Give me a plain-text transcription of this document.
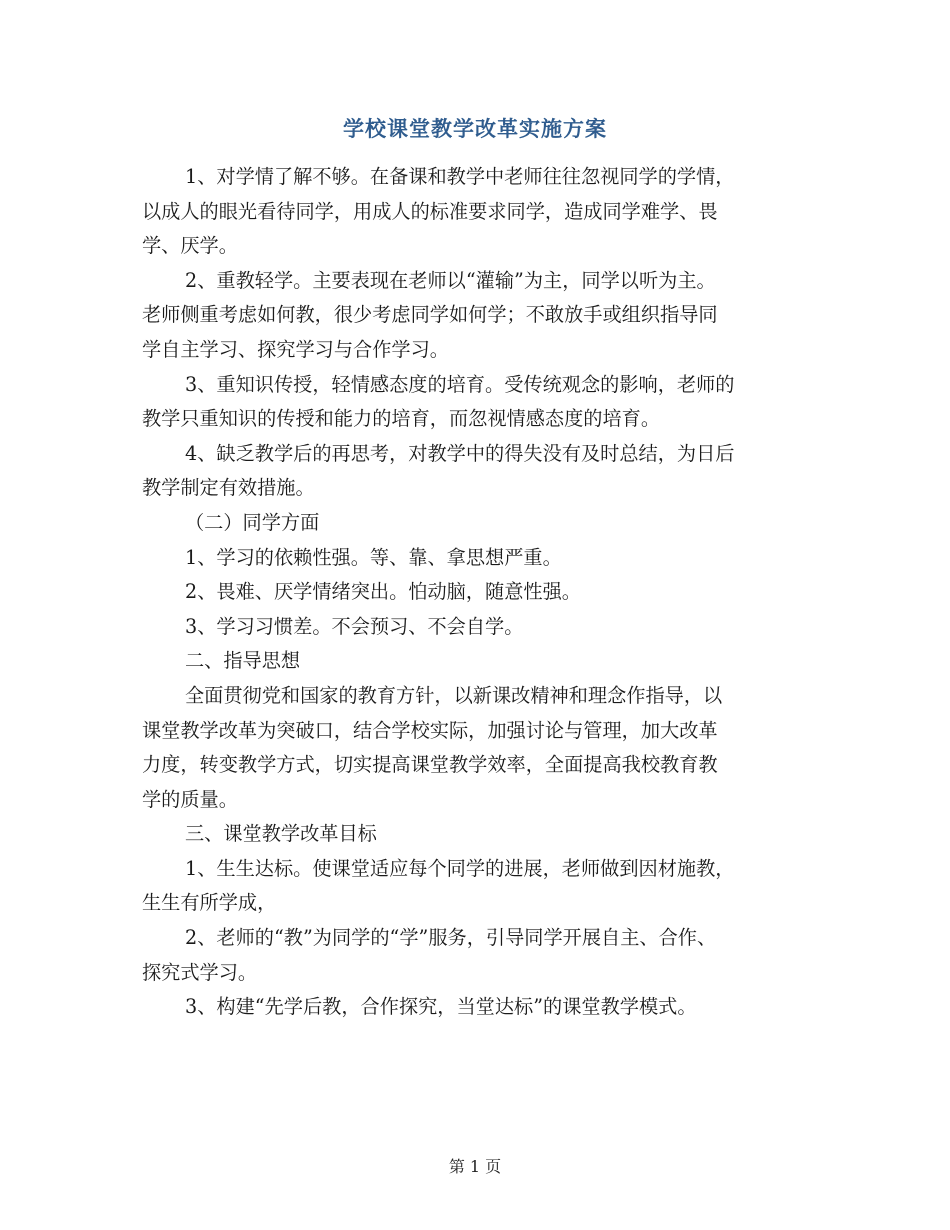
学校课堂教学改革实施方案

1、对学情了解不够。在备课和教学中老师往往忽视同学的学情，

以成人的眼光看待同学，用成人的标准要求同学，造成同学难学、畏

学、厌学。

2、重教轻学。主要表现在老师以“灌输”为主，同学以听为主。

老师侧重考虑如何教，很少考虑同学如何学；不敢放手或组织指导同

学自主学习、探究学习与合作学习。

3、重知识传授，轻情感态度的培育。受传统观念的影响，老师的

教学只重知识的传授和能力的培育，而忽视情感态度的培育。

4、缺乏教学后的再思考，对教学中的得失没有及时总结，为日后

教学制定有效措施。

（二）同学方面

1、学习的依赖性强。等、靠、拿思想严重。

2、畏难、厌学情绪突出。怕动脑，随意性强。

3、学习习惯差。不会预习、不会自学。

二、指导思想

全面贯彻党和国家的教育方针，以新课改精神和理念作指导，以

课堂教学改革为突破口，结合学校实际，加强讨论与管理，加大改革

力度，转变教学方式，切实提高课堂教学效率，全面提高我校教育教

学的质量。

三、课堂教学改革目标

1、生生达标。使课堂适应每个同学的进展，老师做到因材施教，

生生有所学成，

2、老师的“教”为同学的“学”服务，引导同学开展自主、合作、

探究式学习。

3、构建“先学后教，合作探究，当堂达标”的课堂教学模式。

第 1 页
